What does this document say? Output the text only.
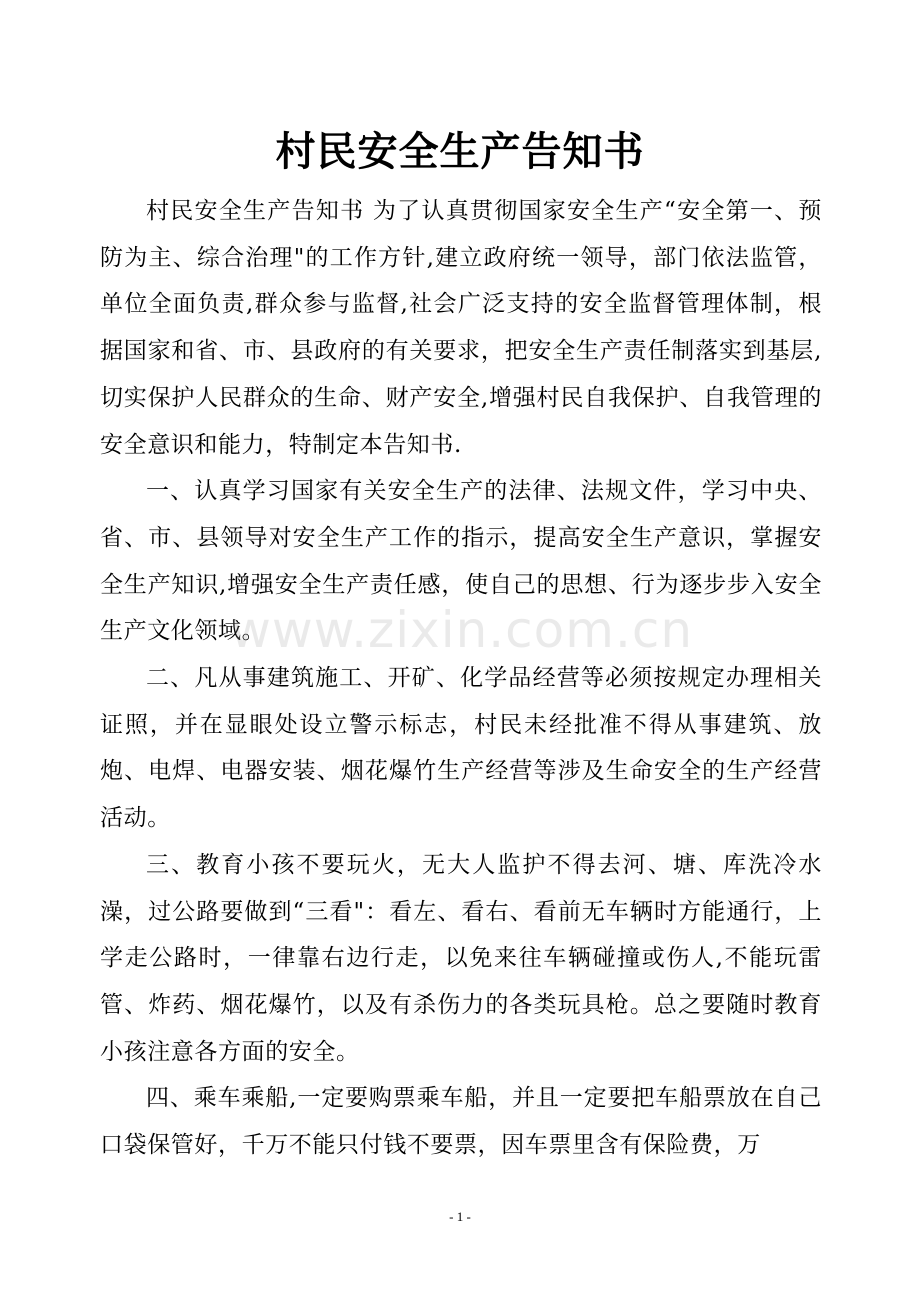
村民安全生产告知书

村民安全生产告知书 为了认真贯彻国家安全生产“安全第一、预防为主、综合治理"的工作方针,建立政府统一领导，部门依法监管，单位全面负责,群众参与监督,社会广泛支持的安全监督管理体制，根据国家和省、市、县政府的有关要求，把安全生产责任制落实到基层,切实保护人民群众的生命、财产安全,增强村民自我保护、自我管理的安全意识和能力，特制定本告知书.

一、认真学习国家有关安全生产的法律、法规文件，学习中央、省、市、县领导对安全生产工作的指示，提高安全生产意识，掌握安全生产知识,增强安全生产责任感，使自己的思想、行为逐步步入安全生产文化领域。

二、凡从事建筑施工、开矿、化学品经营等必须按规定办理相关证照，并在显眼处设立警示标志，村民未经批准不得从事建筑、放炮、电焊、电器安装、烟花爆竹生产经营等涉及生命安全的生产经营活动。

三、教育小孩不要玩火，无大人监护不得去河、塘、库洗冷水澡，过公路要做到“三看"：看左、看右、看前无车辆时方能通行，上学走公路时，一律靠右边行走，以免来往车辆碰撞或伤人,不能玩雷管、炸药、烟花爆竹，以及有杀伤力的各类玩具枪。总之要随时教育小孩注意各方面的安全。

四、乘车乘船,一定要购票乘车船，并且一定要把车船票放在自己口袋保管好，千万不能只付钱不要票，因车票里含有保险费，万

www.zixin.com.cn
- 1 -
